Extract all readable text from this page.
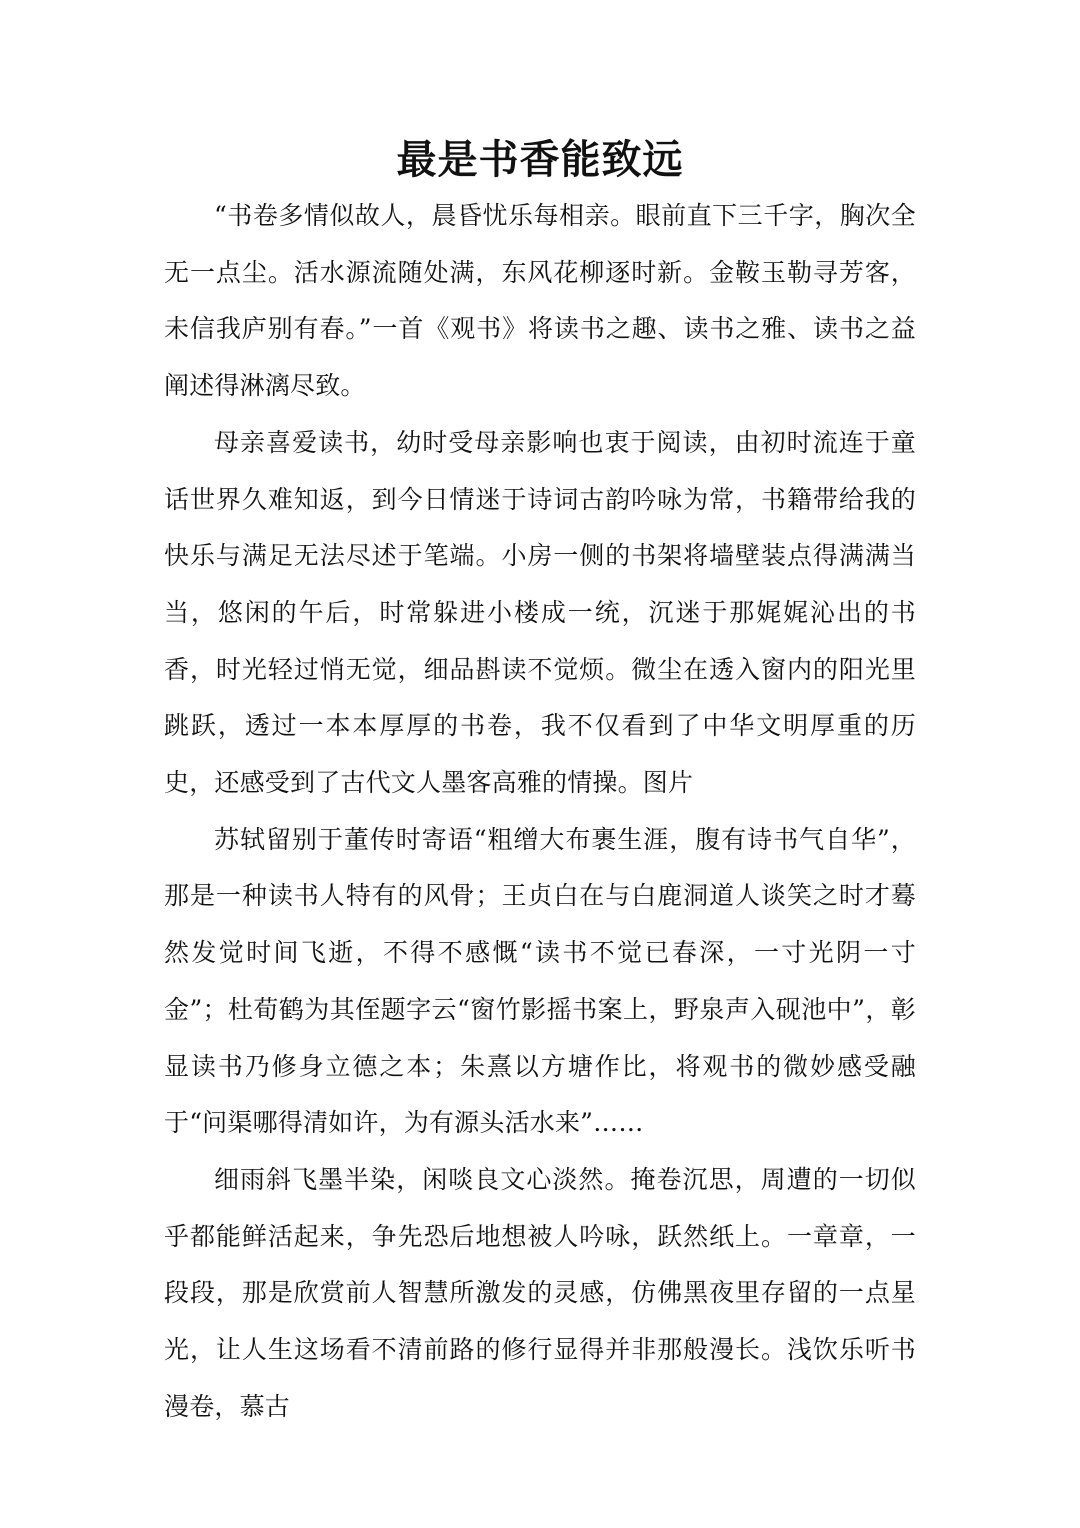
最是书香能致远

“书卷多情似故人，晨昏忧乐每相亲。眼前直下三千字，胸次全无一点尘。活水源流随处满，东风花柳逐时新。金鞍玉勒寻芳客，未信我庐别有春。”一首《观书》将读书之趣、读书之雅、读书之益阐述得淋漓尽致。

母亲喜爱读书，幼时受母亲影响也衷于阅读，由初时流连于童话世界久难知返，到今日情迷于诗词古韵吟咏为常，书籍带给我的快乐与满足无法尽述于笔端。小房一侧的书架将墙壁装点得满满当当，悠闲的午后，时常躲进小楼成一统，沉迷于那娓娓沁出的书香，时光轻过悄无觉，细品斟读不觉烦。微尘在透入窗内的阳光里跳跃，透过一本本厚厚的书卷，我不仅看到了中华文明厚重的历史，还感受到了古代文人墨客高雅的情操。图片

苏轼留别于董传时寄语“粗缯大布裹生涯，腹有诗书气自华”，那是一种读书人特有的风骨；王贞白在与白鹿洞道人谈笑之时才蓦然发觉时间飞逝，不得不感慨“读书不觉已春深，一寸光阴一寸金”；杜荀鹤为其侄题字云“窗竹影摇书案上，野泉声入砚池中”，彰显读书乃修身立德之本；朱熹以方塘作比，将观书的微妙感受融于“问渠哪得清如许，为有源头活水来”……

细雨斜飞墨半染，闲啖良文心淡然。掩卷沉思，周遭的一切似乎都能鲜活起来，争先恐后地想被人吟咏，跃然纸上。一章章，一段段，那是欣赏前人智慧所激发的灵感，仿佛黑夜里存留的一点星光，让人生这场看不清前路的修行显得并非那般漫长。浅饮乐听书漫卷，慕古
